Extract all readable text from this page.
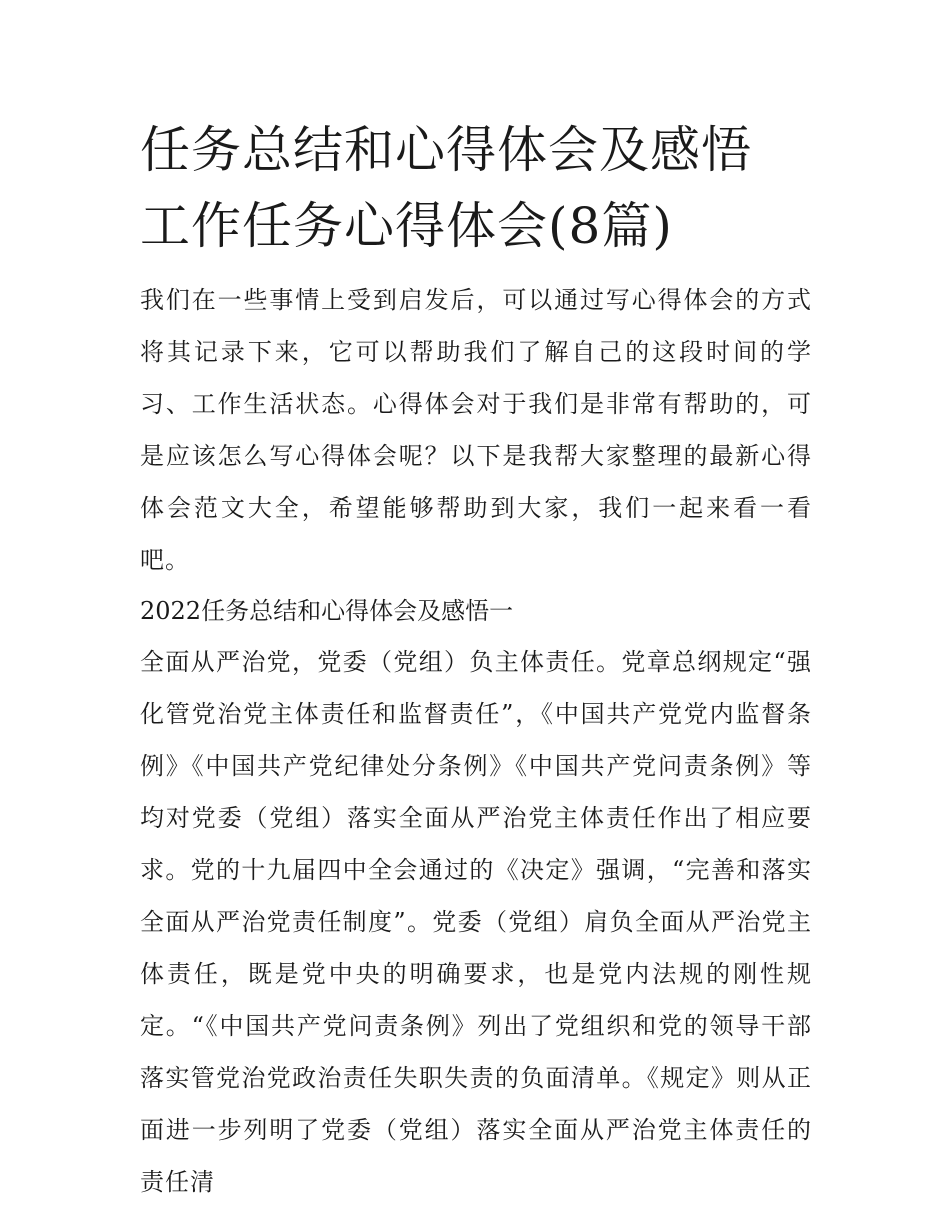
任务总结和心得体会及感悟 工作任务心得体会(8篇)

我们在一些事情上受到启发后，可以通过写心得体会的方式将其记录下来，它可以帮助我们了解自己的这段时间的学习、工作生活状态。心得体会对于我们是非常有帮助的，可是应该怎么写心得体会呢？以下是我帮大家整理的最新心得体会范文大全，希望能够帮助到大家，我们一起来看一看吧。

2022任务总结和心得体会及感悟一

全面从严治党，党委（党组）负主体责任。党章总纲规定“强化管党治党主体责任和监督责任”，《中国共产党党内监督条例》《中国共产党纪律处分条例》《中国共产党问责条例》等均对党委（党组）落实全面从严治党主体责任作出了相应要求。党的十九届四中全会通过的《决定》强调，“完善和落实全面从严治党责任制度”。党委（党组）肩负全面从严治党主体责任，既是党中央的明确要求，也是党内法规的刚性规定。“《中国共产党问责条例》列出了党组织和党的领导干部落实管党治党政治责任失职失责的负面清单。《规定》则从正面进一步列明了党委（党组）落实全面从严治党主体责任的责任清
